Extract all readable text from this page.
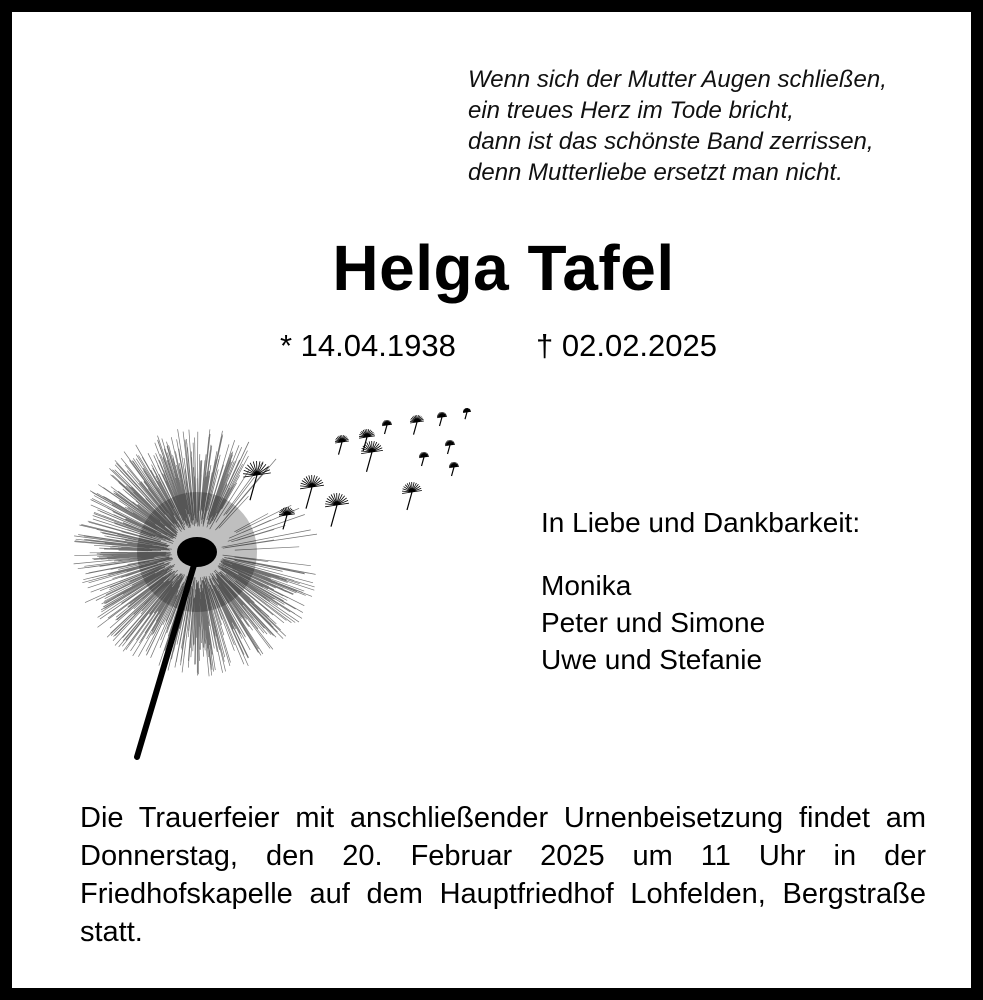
Wenn sich der Mutter Augen schließen,
ein treues Herz im Tode bricht,
dann ist das schönste Band zerrissen,
denn Mutterliebe ersetzt man nicht.
Helga Tafel
* 14.04.1938	† 02.02.2025
In Liebe und Dankbarkeit:
Monika
Peter und Simone
Uwe und Stefanie
Die Trauerfeier mit anschließender Urnenbeisetzung findet am Donnerstag, den 20. Februar 2025 um 11 Uhr in der Friedhofskapelle auf dem Hauptfriedhof Lohfelden, Bergstraße statt.
